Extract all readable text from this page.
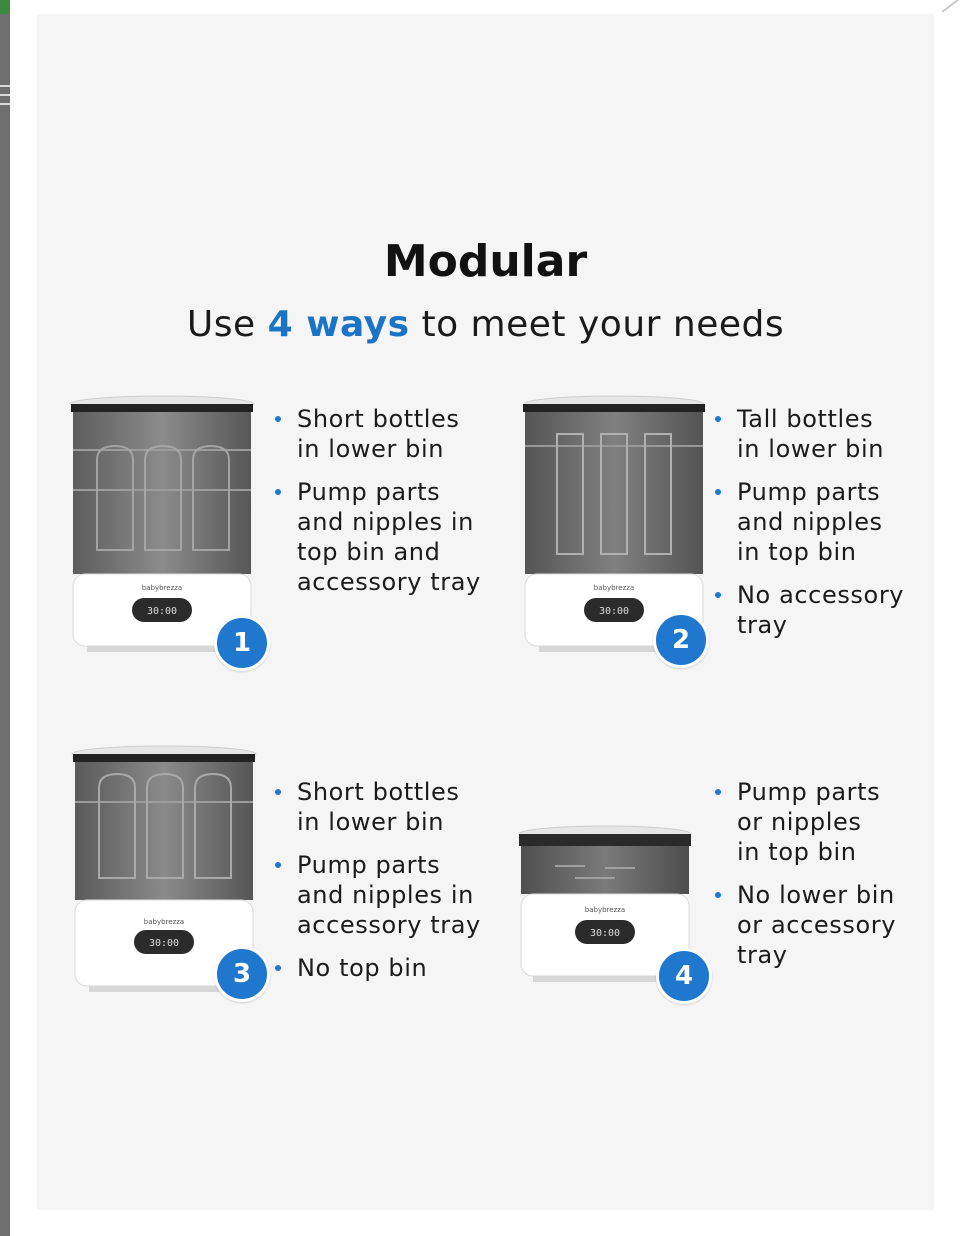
Modular

Use 4 ways to meet your needs

babybrezza
30:00
1
Short bottles
in lower bin
Pump parts
and nipples in
top bin and
accessory tray	babybrezza
30:00
2
Tall bottles
in lower bin
Pump parts
and nipples
in top bin
No accessory
tray
babybrezza
30:00
3
Short bottles
in lower bin
Pump parts
and nipples in
accessory tray
No top bin
babybrezza
30:00
4
Pump parts
or nipples
in top bin
No lower bin
or accessory
tray
